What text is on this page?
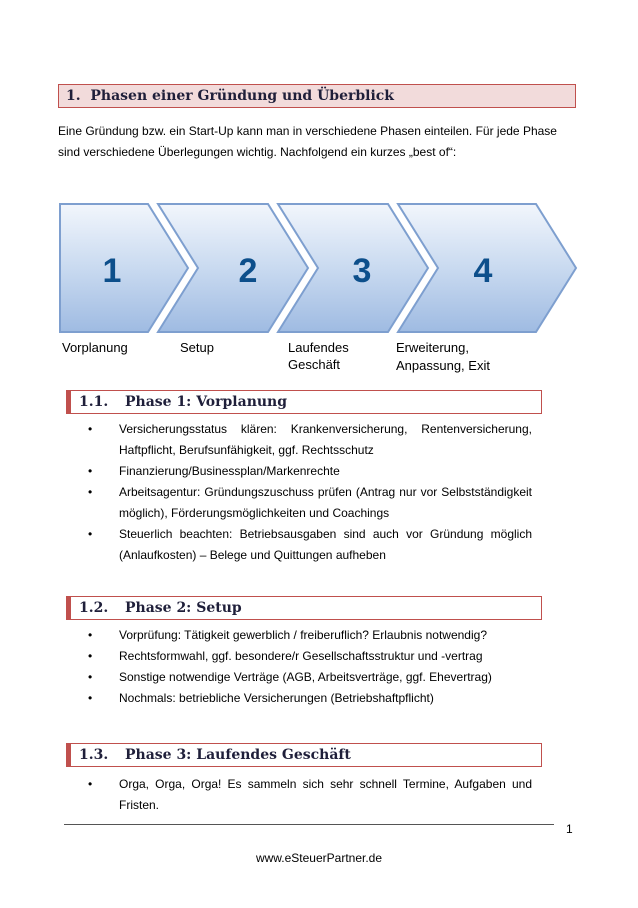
1. Phasen einer Gründung und Überblick
Eine Gründung bzw. ein Start-Up kann man in verschiedene Phasen einteilen. Für jede Phase sind verschiedene Überlegungen wichtig. Nachfolgend ein kurzes „best of“:
1	2	3	4
Vorplanung	Setup	Laufendes
Geschäft
Erweiterung,
Anpassung, Exit
1.1. Phase 1: Vorplanung
• Versicherungsstatus klären: Krankenversicherung, Rentenversicherung, Haftpflicht, Berufsunfähigkeit, ggf. Rechtsschutz
• Finanzierung/Businessplan/Markenrechte
• Arbeitsagentur: Gründungszuschuss prüfen (Antrag nur vor Selbstständigkeit möglich), Förderungsmöglichkeiten und Coachings
• Steuerlich beachten: Betriebsausgaben sind auch vor Gründung möglich (Anlaufkosten) – Belege und Quittungen aufheben
1.2. Phase 2: Setup
• Vorprüfung: Tätigkeit gewerblich / freiberuflich? Erlaubnis notwendig?
• Rechtsformwahl, ggf. besondere/r Gesellschaftsstruktur und -vertrag
• Sonstige notwendige Verträge (AGB, Arbeitsverträge, ggf. Ehevertrag)
• Nochmals: betriebliche Versicherungen (Betriebshaftpflicht)
1.3. Phase 3: Laufendes Geschäft
• Orga, Orga, Orga! Es sammeln sich sehr schnell Termine, Aufgaben und Fristen.
1
www.eSteuerPartner.de
